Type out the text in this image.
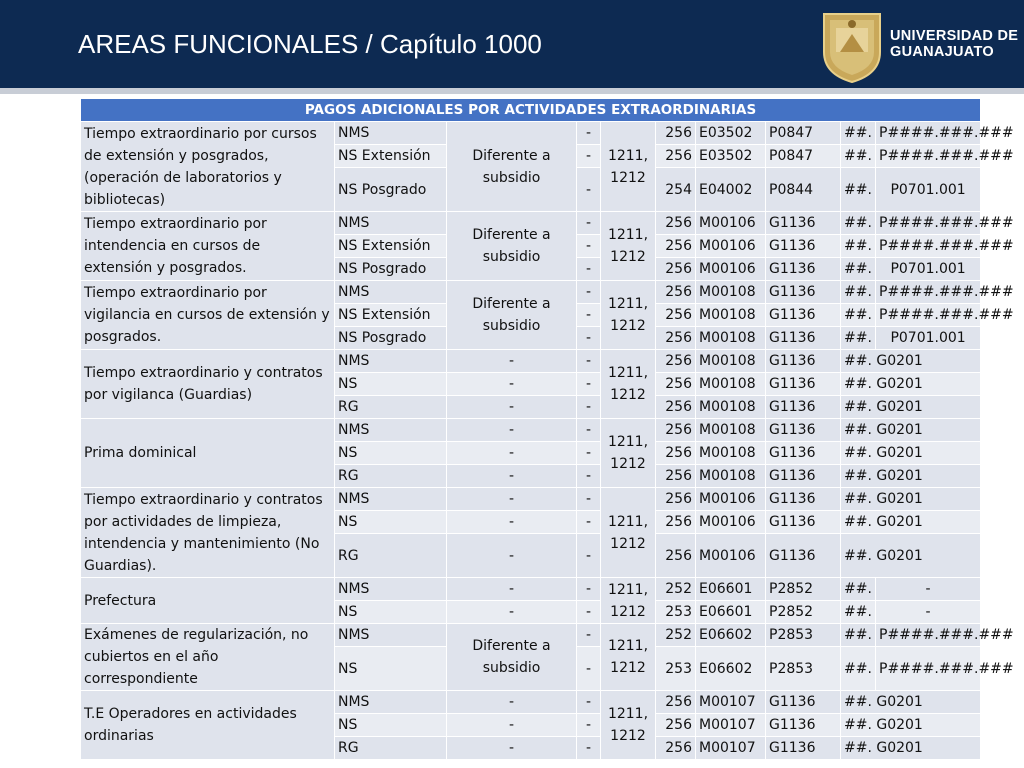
AREAS FUNCIONALES / Capítulo 1000	UNIVERSIDAD DE
GUANAJUATO
PAGOS ADICIONALES POR ACTIVIDADES EXTRAORDINARIAS									
Tiempo extraordinario por cursos de extensión y posgrados, (operación de laboratorios y bibliotecas)	NMS	Diferente a subsidio	-	1211, 1212	256	E03502	P0847	##.	P####.###.###
	NS Extensión		-		256	E03502	P0847	##.	P####.###.###
	NS Posgrado		-		254	E04002	P0844	##.	P0701.001
Tiempo extraordinario por intendencia en cursos de extensión y posgrados.	NMS	Diferente a subsidio	-	1211, 1212	256	M00106	G1136	##.	P####.###.###
	NS Extensión		-		256	M00106	G1136	##.	P####.###.###
	NS Posgrado		-		256	M00106	G1136	##.	P0701.001
Tiempo extraordinario por vigilancia en cursos de extensión y posgrados.	NMS	Diferente a subsidio	-	1211, 1212	256	M00108	G1136	##.	P####.###.###
	NS Extensión		-		256	M00108	G1136	##.	P####.###.###
	NS Posgrado		-		256	M00108	G1136	##.	P0701.001
Tiempo extraordinario y contratos por vigilanca (Guardias)	NMS	-	-	1211, 1212	256	M00108	G1136	##. G0201	
	NS	-	-		256	M00108	G1136	##. G0201	
	RG	-	-		256	M00108	G1136	##. G0201	
Prima dominical	NMS	-	-	1211, 1212	256	M00108	G1136	##. G0201	
	NS	-	-		256	M00108	G1136	##. G0201	
	RG	-	-		256	M00108	G1136	##. G0201	
Tiempo extraordinario y contratos por actividades de limpieza, intendencia y mantenimiento (No Guardias).	NMS	-	-	1211, 1212	256	M00106	G1136	##. G0201	
	NS	-	-		256	M00106	G1136	##. G0201	
	RG	-	-		256	M00106	G1136	##. G0201	
Prefectura	NMS	-	-	1211, 1212	252	E06601	P2852	##.	-
	NS	-	-		253	E06601	P2852	##.	-
Exámenes de regularización, no cubiertos en el año correspondiente	NMS	Diferente a subsidio	-	1211, 1212	252	E06602	P2853	##.	P####.###.###
	NS		-		253	E06602	P2853	##.	P####.###.###
T.E Operadores en actividades ordinarias	NMS	-	-	1211, 1212	256	M00107	G1136	##. G0201	
	NS	-	-		256	M00107	G1136	##. G0201	
	RG	-	-		256	M00107	G1136	##. G0201	
